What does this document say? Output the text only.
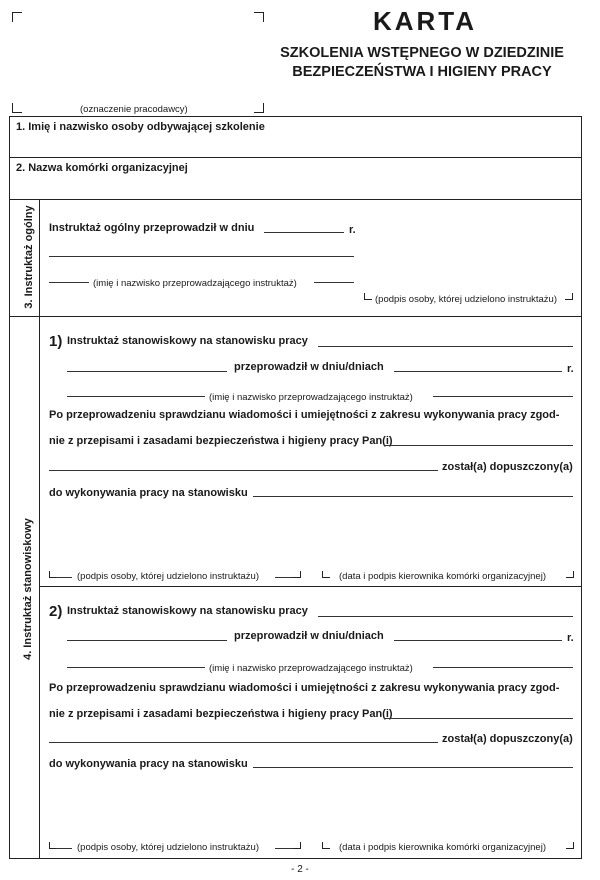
KARTA
SZKOLENIA WSTĘPNEGO W DZIEDZINIE
BEZPIECZEŃSTWA I HIGIENY PRACY
(oznaczenie pracodawcy)
1. Imię i nazwisko osoby odbywającej szkolenie
2. Nazwa komórki organizacyjnej
3. Instruktaż ogólny Instruktaż ogólny przeprowadził w dniu	r.
(imię i nazwisko przeprowadzającego instruktaż)
(podpis osoby, której udzielono instruktażu)
4. Instruktaż stanowiskowy
1) Instruktaż stanowiskowy na stanowisku pracy
przeprowadził w dniu/dniach	r.
(imię i nazwisko przeprowadzającego instruktaż)
Po przeprowadzeniu sprawdzianu wiadomości i umiejętności z zakresu wykonywania pracy zgod-
nie z przepisami i zasadami bezpieczeństwa i higieny pracy Pan(i)
został(a) dopuszczony(a)
do wykonywania pracy na stanowisku
(podpis osoby, której udzielono instruktażu)	(data i podpis kierownika komórki organizacyjnej)
2) Instruktaż stanowiskowy na stanowisku pracy
przeprowadził w dniu/dniach	r.
(imię i nazwisko przeprowadzającego instruktaż)
Po przeprowadzeniu sprawdzianu wiadomości i umiejętności z zakresu wykonywania pracy zgod-
nie z przepisami i zasadami bezpieczeństwa i higieny pracy Pan(i)
został(a) dopuszczony(a)
do wykonywania pracy na stanowisku
(podpis osoby, której udzielono instruktażu)	(data i podpis kierownika komórki organizacyjnej)
- 2 -
